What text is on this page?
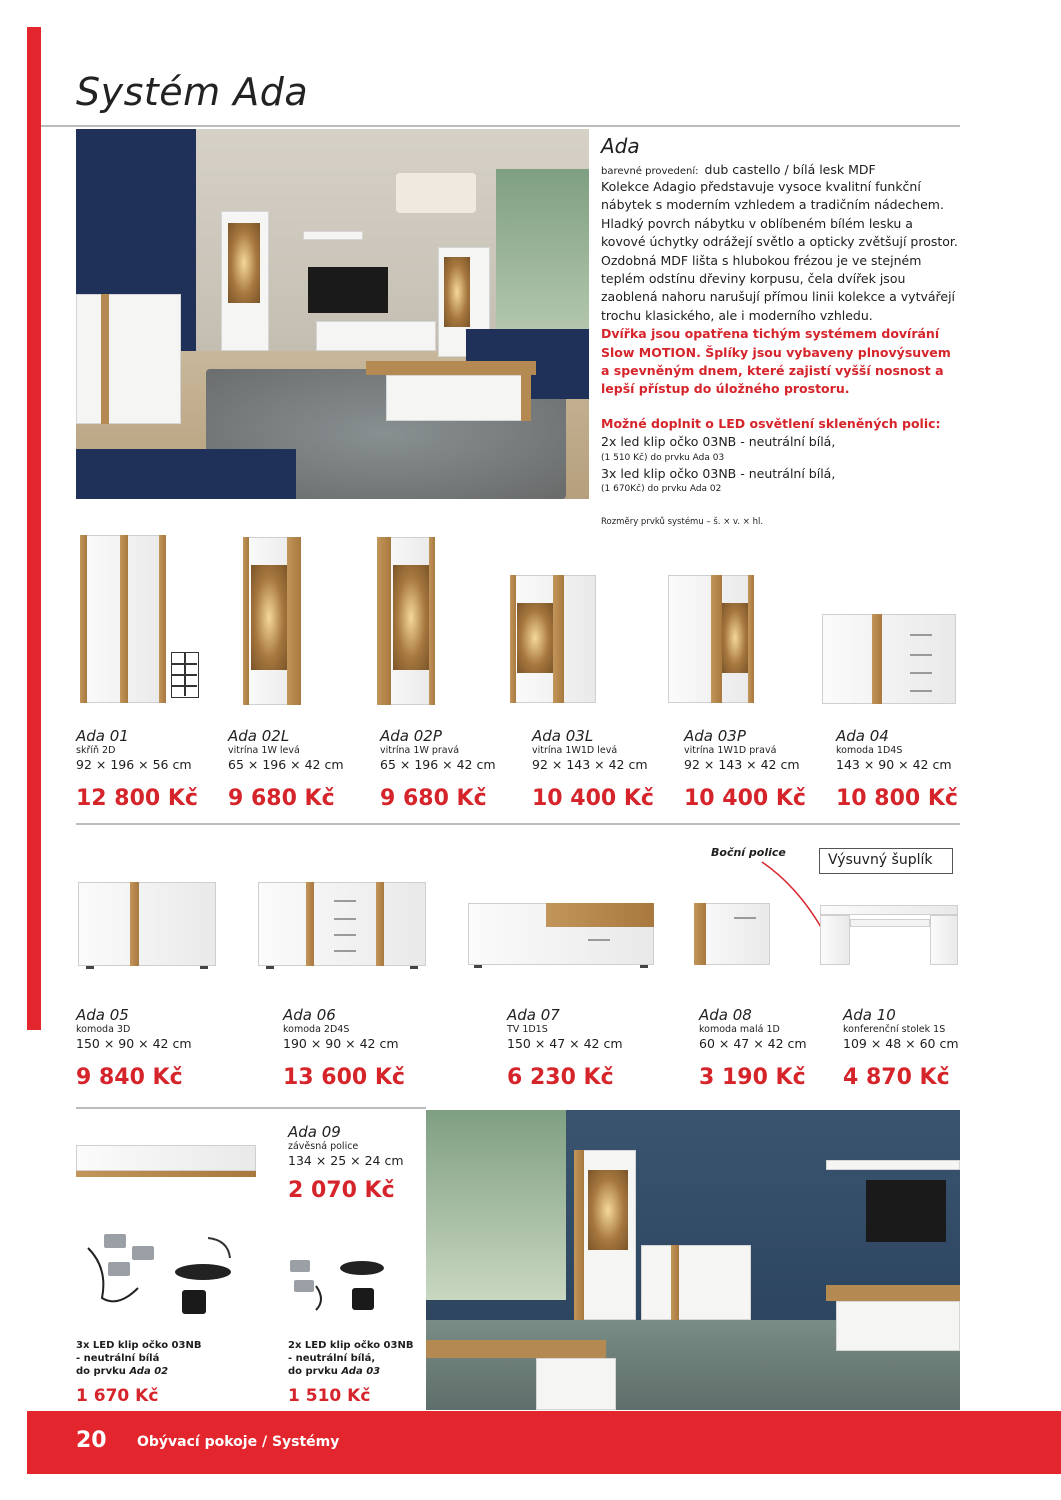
Systém Ada
Ada
barevné provedení: dub castello / bílá lesk MDF

Kolekce Adagio představuje vysoce kvalitní funkční nábytek s moderním vzhledem a tradičním nádechem. Hladký povrch nábytku v oblíbeném bílém lesku a kovové úchytky odrážejí světlo a opticky zvětšují prostor. Ozdobná MDF lišta s hlubokou frézou je ve stejném teplém odstínu dřeviny korpusu, čela dvířek jsou zaoblená nahoru narušují přímou linii kolekce a vytvářejí trochu klasického, ale i moderního vzhledu.

Dvířka jsou opatřena tichým systémem dovírání Slow MOTION. Šplíky jsou vybaveny plnovýsuvem a spevněným dnem, které zajistí vyšší nosnost a lepší přístup do úložného prostoru.

Možné doplnit o LED osvětlení skleněných polic:

2x led klip očko 03NB - neutrální bílá,

(1 510 Kč) do prvku Ada 03

3x led klip očko 03NB - neutrální bílá,

(1 670Kč) do prvku Ada 02

Rozměry prvků systému – š. × v. × hl.
Ada 01
skříň 2D
92 × 196 × 56 cm
12 800 Kč
Ada 02L
vitrína 1W levá
65 × 196 × 42 cm
9 680 Kč
Ada 02P
vitrína 1W pravá
65 × 196 × 42 cm
9 680 Kč
Ada 03L
vitrína 1W1D levá
92 × 143 × 42 cm
10 400 Kč
Ada 03P
vitrína 1W1D pravá
92 × 143 × 42 cm
10 400 Kč
Ada 04
komoda 1D4S
143 × 90 × 42 cm
10 800 Kč
Boční police	Výsuvný šuplík
Ada 05
komoda 3D
150 × 90 × 42 cm
9 840 Kč
Ada 06
komoda 2D4S
190 × 90 × 42 cm
13 600 Kč
Ada 07
TV 1D1S
150 × 47 × 42 cm
6 230 Kč
Ada 08
komoda malá 1D
60 × 47 × 42 cm
3 190 Kč
Ada 10
konferenční stolek 1S
109 × 48 × 60 cm
4 870 Kč
Ada 09
závěsná police
134 × 25 × 24 cm
2 070 Kč
3x LED klip očko 03NB
- neutrální bílá
do prvku Ada 02
1 670 Kč
2x LED klip očko 03NB
- neutrální bílá,
do prvku Ada 03
1 510 Kč
20 Obývací pokoje / Systémy
